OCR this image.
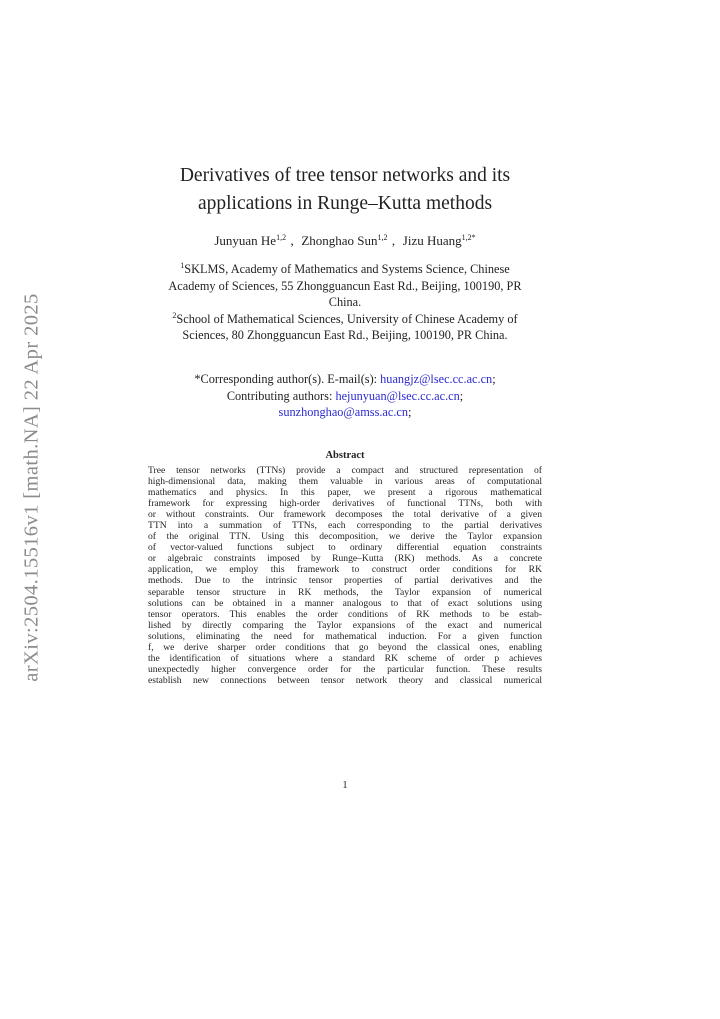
arXiv:2504.15516v1 [math.NA] 22 Apr 2025
Derivatives of tree tensor networks and its
applications in Runge–Kutta methods
Junyuan He$^{1,2}$ , Zhonghao Sun$^{1,2}$ , Jizu Huang$^{1,2*}$
$^1$SKLMS, Academy of Mathematics and Systems Science, Chinese
Academy of Sciences, 55 Zhongguancun East Rd., Beijing, 100190, PR
China.
$^2$School of Mathematical Sciences, University of Chinese Academy of
Sciences, 80 Zhongguancun East Rd., Beijing, 100190, PR China.
*Corresponding author(s). E-mail(s): huangjz@lsec.cc.ac.cn;
Contributing authors: hejunyuan@lsec.cc.ac.cn;
sunzhonghao@amss.ac.cn;
Abstract
Tree tensor networks (TTNs) provide a compact and structured representation of
high-dimensional data, making them valuable in various areas of computational
mathematics and physics. In this paper, we present a rigorous mathematical
framework for expressing high-order derivatives of functional TTNs, both with
or without constraints. Our framework decomposes the total derivative of a given
TTN into a summation of TTNs, each corresponding to the partial derivatives
of the original TTN. Using this decomposition, we derive the Taylor expansion
of vector-valued functions subject to ordinary differential equation constraints
or algebraic constraints imposed by Runge–Kutta (RK) methods. As a concrete
application, we employ this framework to construct order conditions for RK
methods. Due to the intrinsic tensor properties of partial derivatives and the
separable tensor structure in RK methods, the Taylor expansion of numerical
solutions can be obtained in a manner analogous to that of exact solutions using
tensor operators. This enables the order conditions of RK methods to be estab-
lished by directly comparing the Taylor expansions of the exact and numerical
solutions, eliminating the need for mathematical induction. For a given function
f, we derive sharper order conditions that go beyond the classical ones, enabling
the identification of situations where a standard RK scheme of order p achieves
unexpectedly higher convergence order for the particular function. These results
establish new connections between tensor network theory and classical numerical
1
